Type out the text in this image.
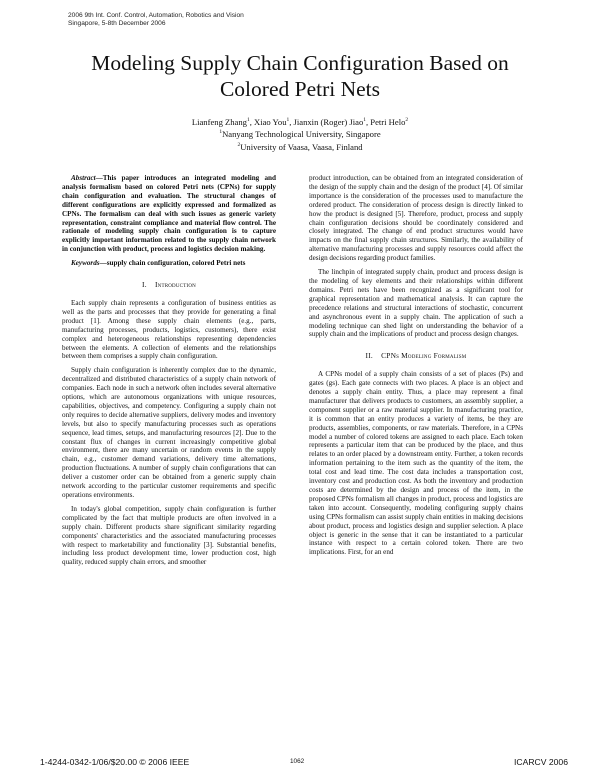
2006 9th Int. Conf. Control, Automation, Robotics and Vision
Singapore, 5-8th December 2006
Modeling Supply Chain Configuration Based on
Colored Petri Nets
Lianfeng Zhang$^1$, Xiao You$^1$, Jianxin (Roger) Jiao$^1$, Petri Helo$^2$
$^1$Nanyang Technological University, Singapore
$^2$University of Vaasa, Vaasa, Finland

Abstract—This paper introduces an integrated modeling and analysis formalism based on colored Petri nets (CPNs) for supply chain configuration and evaluation. The structural changes of different configurations are explicitly expressed and formalized as CPNs. The formalism can deal with such issues as generic variety representation, constraint compliance and material flow control. The rationale of modeling supply chain configuration is to capture explicitly important information related to the supply chain network in conjunction with product, process and logistics decision making.

Keywords—supply chain configuration, colored Petri nets

I. Introduction

Each supply chain represents a configuration of business entities as well as the parts and processes that they provide for generating a final product [1]. Among these supply chain elements (e.g., parts, manufacturing processes, products, logistics, customers), there exist complex and heterogeneous relationships representing dependencies between the elements. A collection of elements and the relationships between them comprises a supply chain configuration.

Supply chain configuration is inherently complex due to the dynamic, decentralized and distributed characteristics of a supply chain network of companies. Each node in such a network often includes several alternative options, which are autonomous organizations with unique resources, capabilities, objectives, and competency. Configuring a supply chain not only requires to decide alternative suppliers, delivery modes and inventory levels, but also to specify manufacturing processes such as operations sequence, lead times, setups, and manufacturing resources [2]. Due to the constant flux of changes in current increasingly competitive global environment, there are many uncertain or random events in the supply chain, e.g., customer demand variations, delivery time alternations, production fluctuations. A number of supply chain configurations that can deliver a customer order can be obtained from a generic supply chain network according to the particular customer requirements and specific operations environments.

In today's global competition, supply chain configuration is further complicated by the fact that multiple products are often involved in a supply chain. Different products share significant similarity regarding components' characteristics and the associated manufacturing processes with respect to marketability and functionality [3]. Substantial benefits, including less product development time, lower production cost, high quality, reduced supply chain errors, and smoother

product introduction, can be obtained from an integrated consideration of the design of the supply chain and the design of the product [4]. Of similar importance is the consideration of the processes used to manufacture the ordered product. The consideration of process design is directly linked to how the product is designed [5]. Therefore, product, process and supply chain configuration decisions should be coordinately considered and closely integrated. The change of end product structures would have impacts on the final supply chain structures. Similarly, the availability of alternative manufacturing processes and supply resources could affect the design decisions regarding product families.

The linchpin of integrated supply chain, product and process design is the modeling of key elements and their relationships within different domains. Petri nets have been recognized as a significant tool for graphical representation and mathematical analysis. It can capture the precedence relations and structural interactions of stochastic, concurrent and asynchronous event in a supply chain. The application of such a modeling technique can shed light on understanding the behavior of a supply chain and the implications of product and process design changes.

II. CPNs Modeling Formalism

A CPNs model of a supply chain consists of a set of places (Ps) and gates (gs). Each gate connects with two places. A place is an object and denotes a supply chain entity. Thus, a place may represent a final manufacturer that delivers products to customers, an assembly supplier, a component supplier or a raw material supplier. In manufacturing practice, it is common that an entity produces a variety of items, be they are products, assemblies, components, or raw materials. Therefore, in a CPNs model a number of colored tokens are assigned to each place. Each token represents a particular item that can be produced by the place, and thus relates to an order placed by a downstream entity. Further, a token records information pertaining to the item such as the quantity of the item, the total cost and lead time. The cost data includes a transportation cost, inventory cost and production cost. As both the inventory and production costs are determined by the design and process of the item, in the proposed CPNs formalism all changes in product, process and logistics are taken into account. Consequently, modeling configuring supply chains using CPNs formalism can assist supply chain entities in making decisions about product, process and logistics design and supplier selection. A place object is generic in the sense that it can be instantiated to a particular instance with respect to a certain colored token. There are two implications. First, for an end

1-4244-0342-1/06/$20.00 © 2006 IEEE	1062	ICARCV 2006
